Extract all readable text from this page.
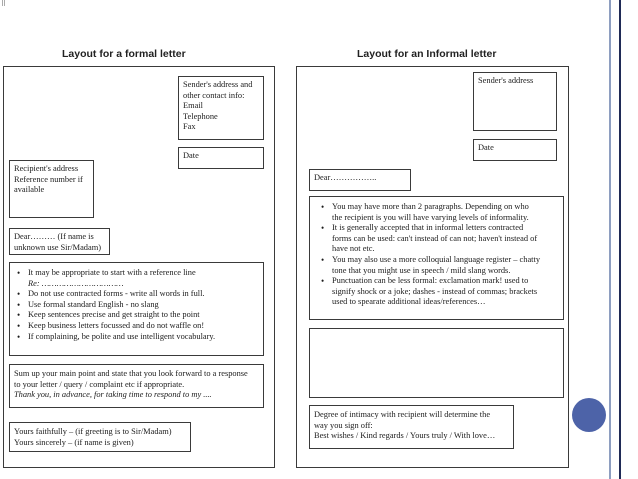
Layout for a formal letter
Sender's address and
other contact info:
Email
Telephone
Fax
Date
Recipient's address
Reference number if
available
Dear……… (If name is
unknown use Sir/Madam)
• It may be appropriate to start with a reference line
Re: ……………………………
• Do not use contracted forms - write all words in full.
• Use formal standard English - no slang
• Keep sentences precise and get straight to the point
• Keep business letters focussed and do not waffle on!
• If complaining, be polite and use intelligent vocabulary.
Sum up your main point and state that you look forward to a response
to your letter / query / complaint etc if appropriate.
Thank you, in advance, for taking time to respond to my ....
Yours faithfully – (if greeting is to Sir/Madam)
Yours sincerely – (if name is given)
Layout for an Informal letter
Sender's address
Date
Dear……………..
• You may have more than 2 paragraphs. Depending on who
the recipient is you will have varying levels of informality.
• It is generally accepted that in informal letters contracted
forms can be used: can't instead of can not; haven't instead of
have not etc.
• You may also use a more colloquial language register – chatty
tone that you might use in speech / mild slang words.
• Punctuation can be less formal: exclamation mark! used to
signify shock or a joke; dashes - instead of commas; brackets
used to spearate additional ideas/references…
Degree of intimacy with recipient will determine the
way you sign off:
Best wishes / Kind regards / Yours truly / With love…
